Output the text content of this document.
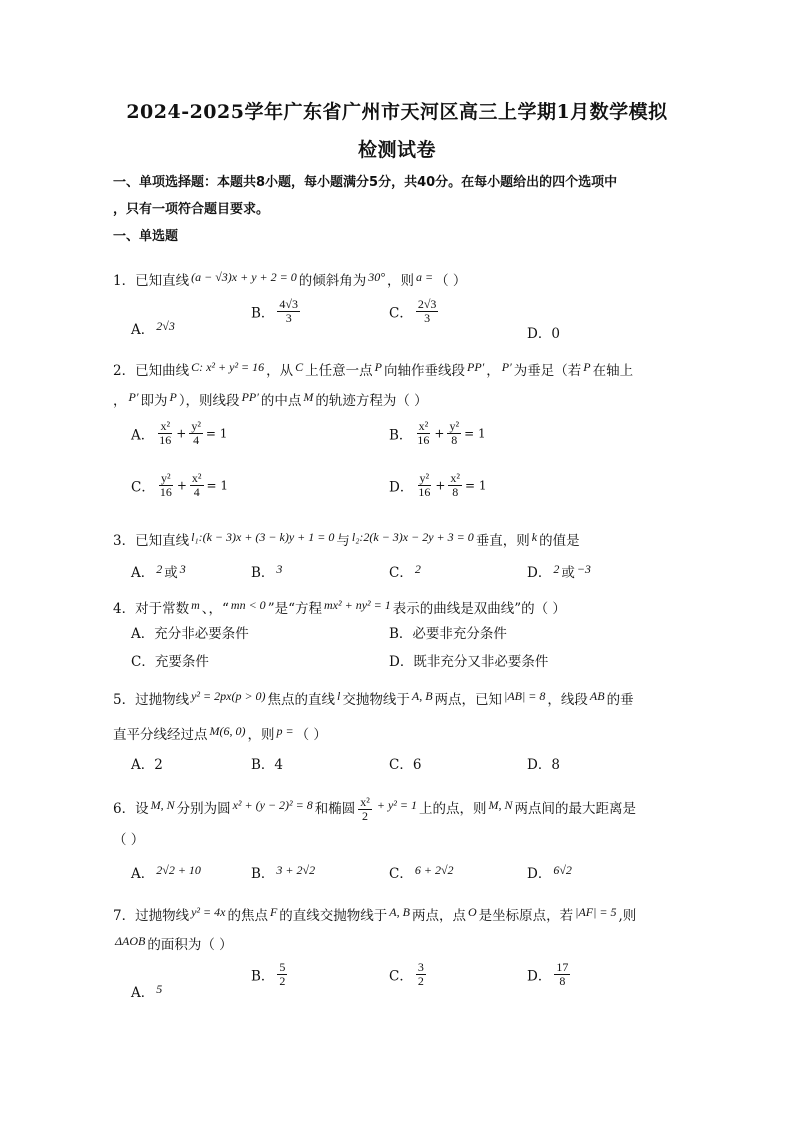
2024-2025学年广东省广州市天河区高三上学期1月数学模拟
检测试卷
一、单项选择题：本题共8小题，每小题满分5分，共40分。在每小题给出的四个选项中
，只有一项符合题目要求。
一、单选题
1．已知直线 (a − √3)x + y + 2 = 0 的倾斜角为 30° ，则 a = （ ）
A． 2√3
B． $\frac{4√3}{3}$	C． $\frac{2√3}{3}$
D．0
2．已知曲线 C: x² + y² = 16 ，从 C 上任意一点 P 向轴作垂线段 PP′ ， P′ 为垂足（若 P 在轴上
， P′ 即为 P ），则线段 PP′ 的中点 M 的轨迹方程为（ ）
A． $\frac{\text{x²}}{16} + \frac{\text{y²}}{4} = 1$	B． $\frac{\text{x²}}{16} + \frac{\text{y²}}{8} = 1$
C． $\frac{\text{y²}}{16} + \frac{\text{x²}}{4} = 1$	D． $\frac{\text{y²}}{16} + \frac{\text{x²}}{8} = 1$
3．已知直线 l₁:(k − 3)x + (3 − k)y + 1 = 0 与 l₂:2(k − 3)x − 2y + 3 = 0 垂直，则 k 的值是
A． 2 或 3	B． 3	C． 2	D． 2 或 −3
4．对于常数 m 、，“ mn < 0 ”是“方程 mx² + ny² = 1 表示的曲线是双曲线”的（ ）
A．充分非必要条件	B．必要非充分条件
C．充要条件	D．既非充分又非必要条件
5．过抛物线 y² = 2px(p > 0) 焦点的直线 l 交抛物线于 A, B 两点，已知 |AB| = 8 ，线段 AB 的垂
直平分线经过点 M(6, 0) ，则 p = （ ）
A．2	B．4	C．6	D．8
6．设 M, N 分别为圆 x² + (y − 2)² = 8 和椭圆 $\frac{\text{x²}}{2} + y^2 = 1$ 上的点，则 M, N 两点间的最大距离是
（ ）
A． 2√2 + 10	B． 3 + 2√2	C． 6 + 2√2	D． 6√2
7．过抛物线 y² = 4x 的焦点 F 的直线交抛物线于 A, B 两点，点 O 是坐标原点，若 |AF| = 5 ,则
ΔAOB 的面积为（ ）
A． 5
B． $\frac{5}{2}$	C． $\frac{3}{2}$	D． $\frac{17}{8}$
